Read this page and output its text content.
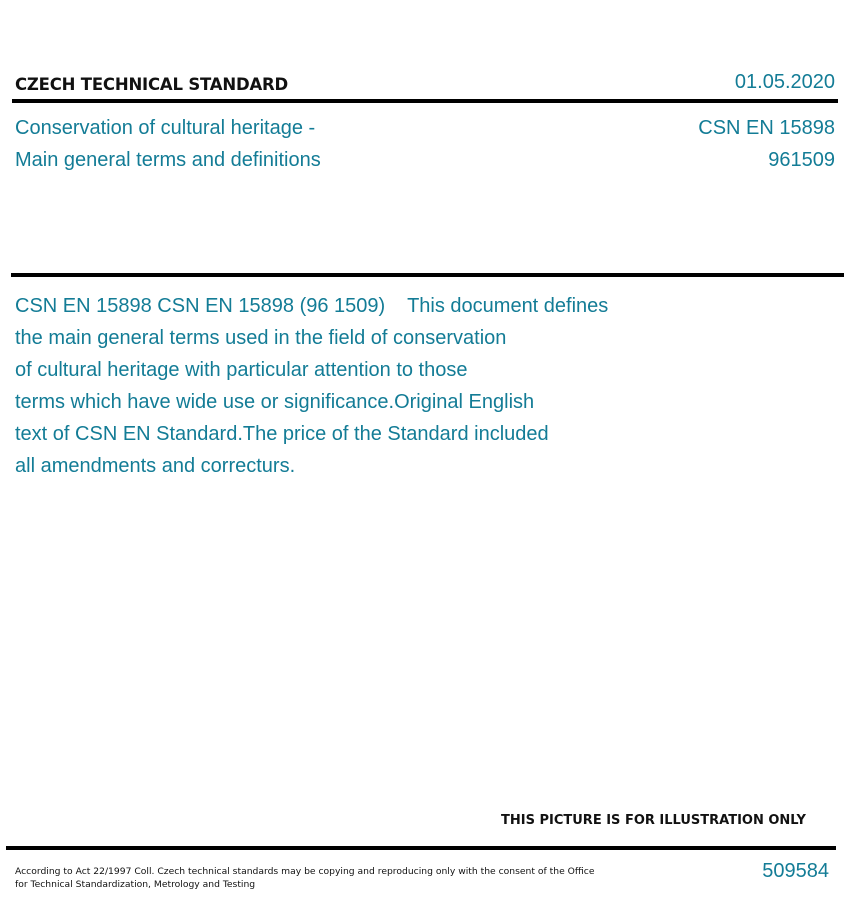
CZECH TECHNICAL STANDARD	01.05.2020
Conservation of cultural heritage -
Main general terms and definitions
CSN EN 15898
961509
CSN EN 15898 CSN EN 15898 (96 1509)    This document defines
the main general terms used in the field of conservation
of cultural heritage with particular attention to those
terms which have wide use or significance.Original English
text of CSN EN Standard.The price of the Standard included
all amendments and correcturs.
THIS PICTURE IS FOR ILLUSTRATION ONLY
According to Act 22/1997 Coll. Czech technical standards may be copying and reproducing only with the consent of the Office
for Technical Standardization, Metrology and Testing
509584
